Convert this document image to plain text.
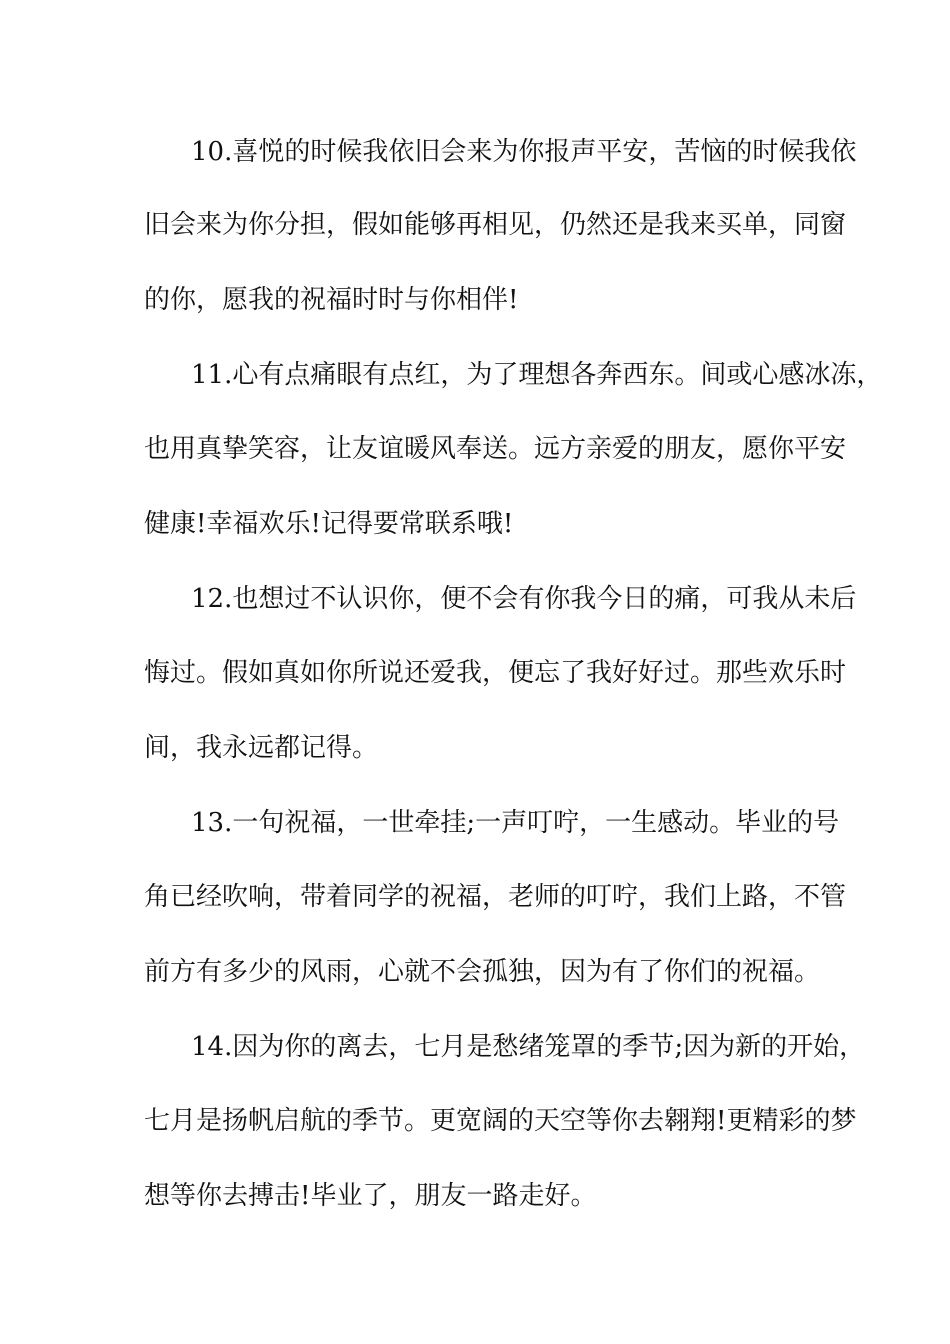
10.喜悦的时候我依旧会来为你报声平安，苦恼的时候我依
旧会来为你分担，假如能够再相见，仍然还是我来买单，同窗
的你，愿我的祝福时时与你相伴!
11.心有点痛眼有点红，为了理想各奔西东。间或心感冰冻，
也用真挚笑容，让友谊暖风奉送。远方亲爱的朋友，愿你平安
健康!幸福欢乐!记得要常联系哦!
12.也想过不认识你，便不会有你我今日的痛，可我从未后
悔过。假如真如你所说还爱我，便忘了我好好过。那些欢乐时
间，我永远都记得。
13.一句祝福，一世牵挂;一声叮咛，一生感动。毕业的号
角已经吹响，带着同学的祝福，老师的叮咛，我们上路，不管
前方有多少的风雨，心就不会孤独，因为有了你们的祝福。
14.因为你的离去，七月是愁绪笼罩的季节;因为新的开始，
七月是扬帆启航的季节。更宽阔的天空等你去翱翔!更精彩的梦
想等你去搏击!毕业了，朋友一路走好。
